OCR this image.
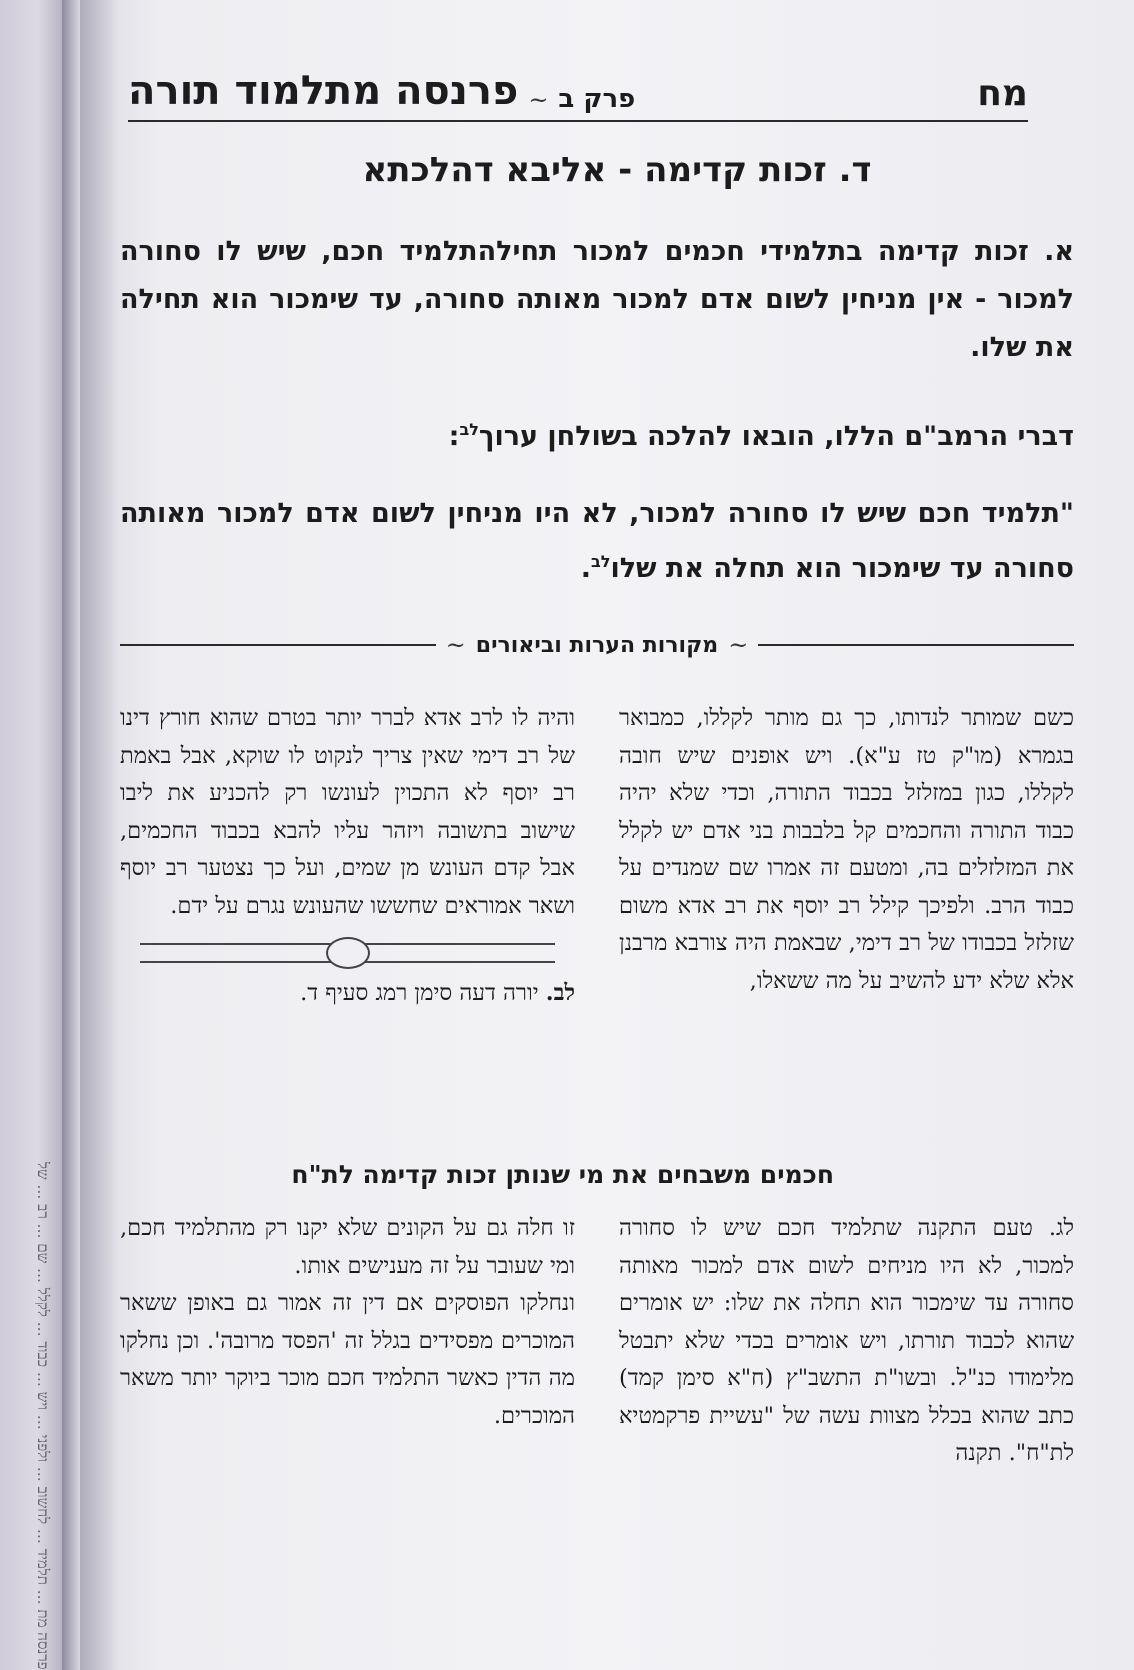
פרנסה מת … תלמיד … לחשוב … ולפני … ויש … כבוד … לקלל … שם … רב … של
מח
פרק ב
~
פרנסה מתלמוד תורה
ד. זכות קדימה - אליבא דהלכתא
א. זכות קדימה בתלמידי חכמים למכור תחילהתלמיד חכם, שיש לו סחורה למכור - אין מניחין לשום אדם למכור מאותה סחורה, עד שימכור הוא תחילה את שלו.
דברי הרמב"ם הללו, הובאו להלכה בשולחן ערוך$^{לב}$:
"תלמיד חכם שיש לו סחורה למכור, לא היו מניחין לשום אדם למכור מאותה סחורה עד שימכור הוא תחלה את שלו$^{לב}$.
~
מקורות הערות וביאורים
~

כשם שמותר לנדותו, כך גם מותר לקללו, כמבואר בגמרא (מו"ק טז ע"א). ויש אופנים שיש חובה לקללו, כגון במזלזל בכבוד התורה, וכדי שלא יהיה כבוד התורה והחכמים קל בלבבות בני אדם יש לקלל את המזלזלים בה, ומטעם זה אמרו שם שמנדים על כבוד הרב. ולפיכך קילל רב יוסף את רב אדא משום שזלזל בכבודו של רב דימי, שבאמת היה צורבא מרבנן אלא שלא ידע להשיב על מה ששאלו,

והיה לו לרב אדא לברר יותר בטרם שהוא חורץ דינו של רב דימי שאין צריך לנקוט לו שוקא, אבל באמת רב יוסף לא התכוין לעונשו רק להכניע את ליבו שישוב בתשובה ויזהר עליו להבא בכבוד החכמים, אבל קדם העונש מן שמים, ועל כך נצטער רב יוסף ושאר אמוראים שחששו שהעונש נגרם על ידם.

לב. יורה דעה סימן רמג סעיף ד.

חכמים משבחים את מי שנותן זכות קדימה לת"ח

לג. טעם התקנה שתלמיד חכם שיש לו סחורה למכור, לא היו מניחים לשום אדם למכור מאותה סחורה עד שימכור הוא תחלה את שלו: יש אומרים שהוא לכבוד תורתו, ויש אומרים בכדי שלא יתבטל מלימודו כנ"ל. ובשו"ת התשב"ץ (ח"א סימן קמד) כתב שהוא בכלל מצוות עשה של "עשיית פרקמטיא לת"ח". תקנה

זו חלה גם על הקונים שלא יקנו רק מהתלמיד חכם, ומי שעובר על זה מענישים אותו.

ונחלקו הפוסקים אם דין זה אמור גם באופן ששאר המוכרים מפסידים בגלל זה 'הפסד מרובה'. וכן נחלקו מה הדין כאשר התלמיד חכם מוכר ביוקר יותר משאר המוכרים.
